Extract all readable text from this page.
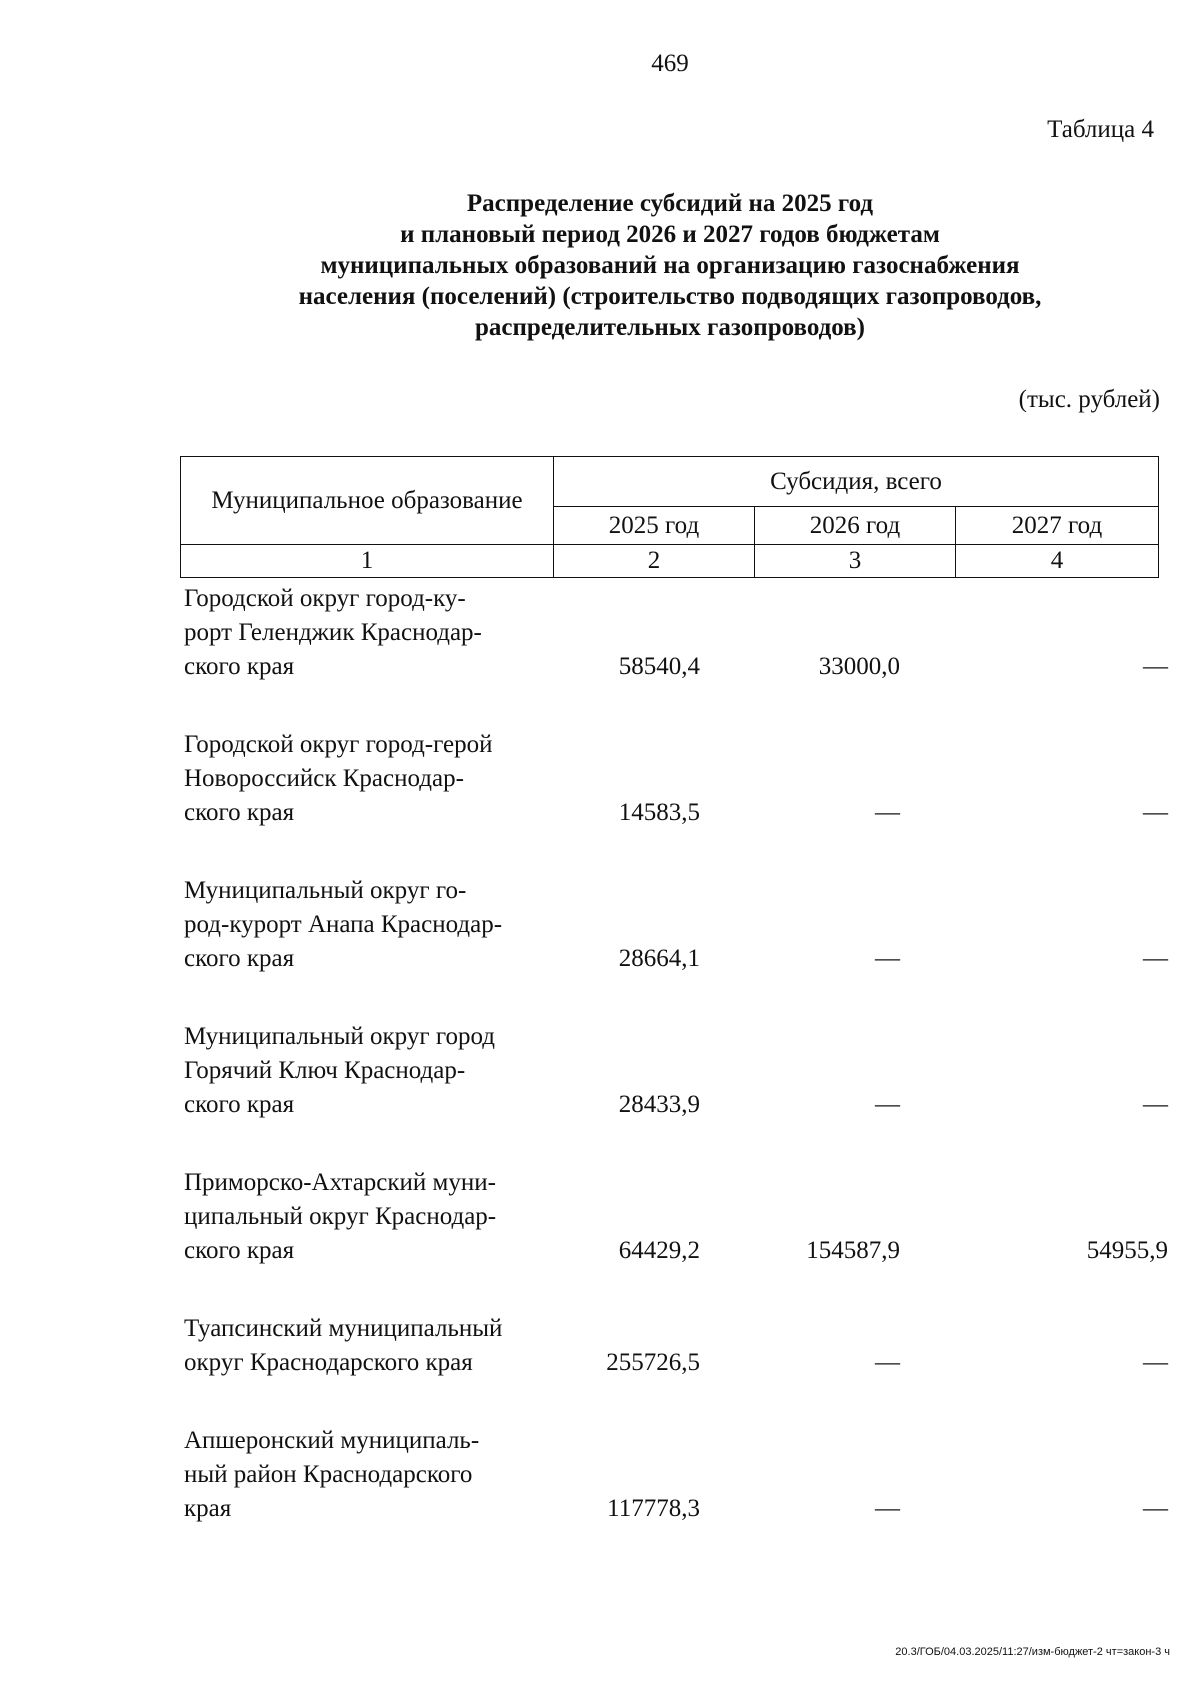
469
Таблица 4
Распределение субсидий на 2025 год
и плановый период 2026 и 2027 годов бюджетам
муниципальных образований на организацию газоснабжения
населения (поселений) (строительство подводящих газопроводов,
распределительных газопроводов)
(тыс. рублей)
Муниципальное образование	Субсидия, всего		
	2025 год	2026 год	2027 год
1	2	3	4
Городской округ город-ку-
рорт Геленджик Краснодар-
ского края	58540,4	33000,0	—
Городской округ город-герой
Новороссийск Краснодар-
ского края	14583,5	—	—
Муниципальный округ го-
род-курорт Анапа Краснодар-
ского края	28664,1	—	—
Муниципальный округ город
Горячий Ключ Краснодар-
ского края	28433,9	—	—
Приморско-Ахтарский муни-
ципальный округ Краснодар-
ского края	64429,2	154587,9	54955,9
Туапсинский муниципальный
округ Краснодарского края	255726,5	—	—
Апшеронский муниципаль-
ный район Краснодарского
края	117778,3	—	—
20.3/ГОБ/04.03.2025/11:27/изм-бюджет-2 чт=закон-3 ч
